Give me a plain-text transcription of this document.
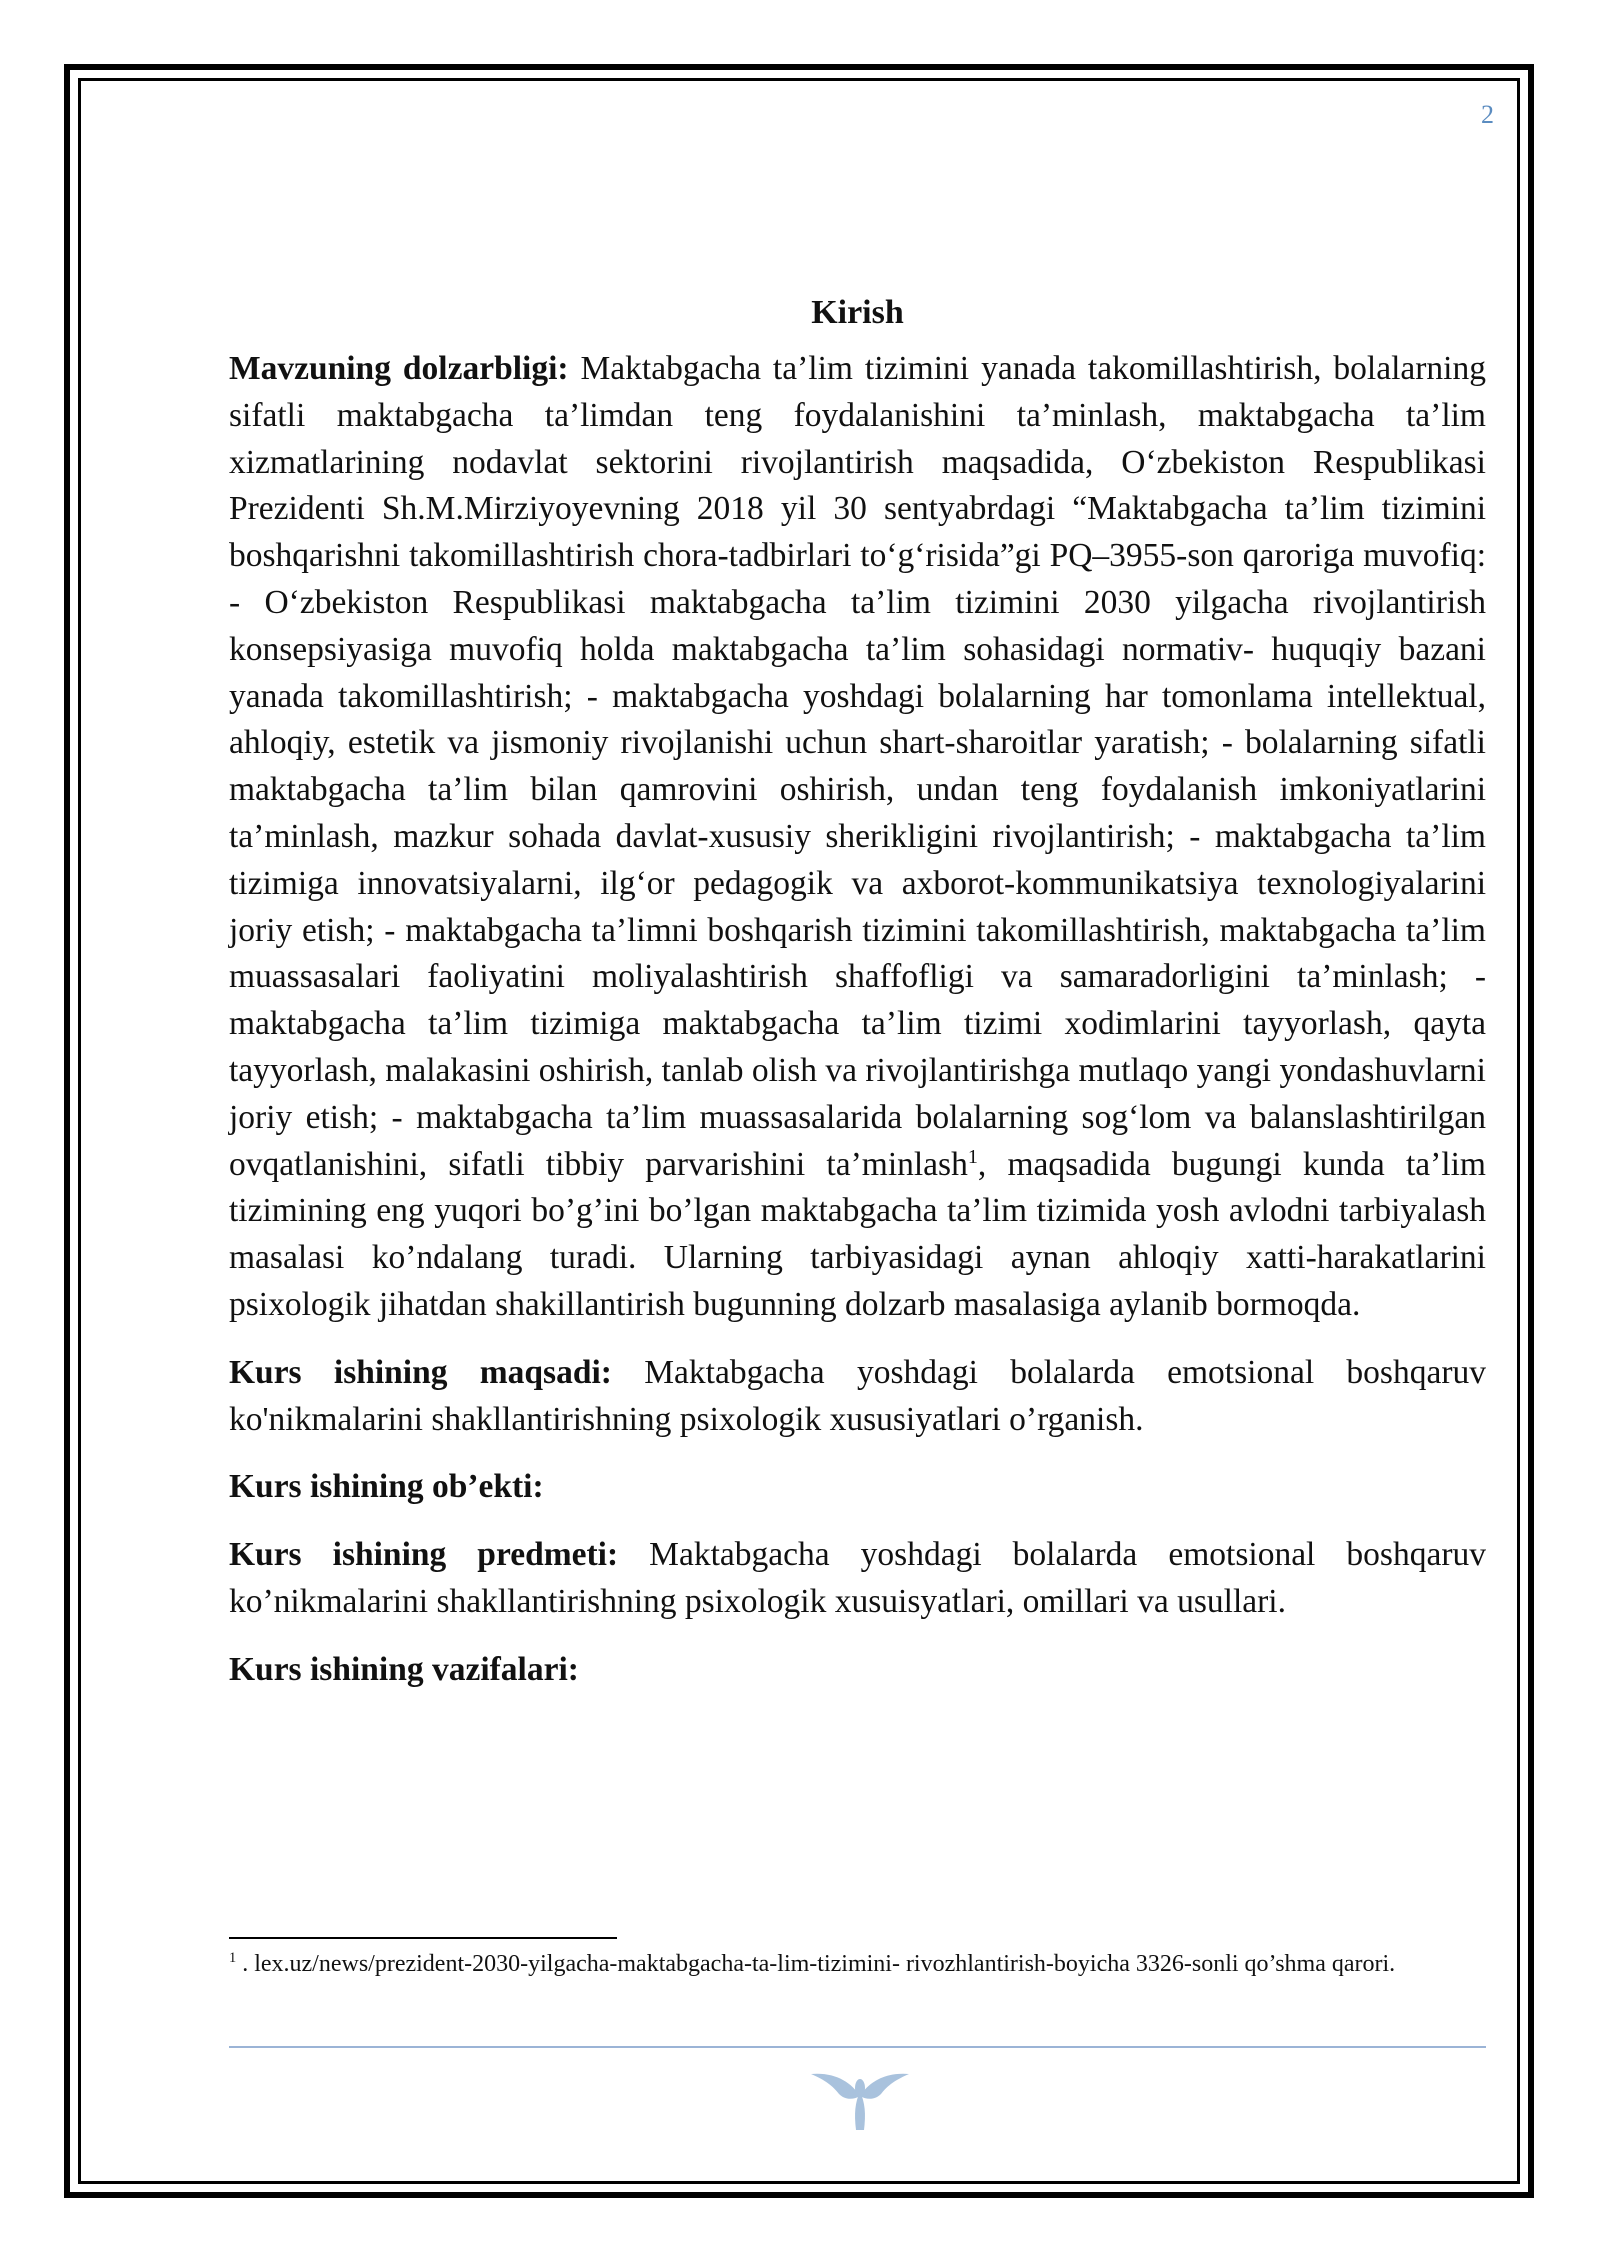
2
Kirish

Mavzuning dolzarbligi: Maktabgacha ta’lim tizimini yanada takomillashtirish, bolalarning sifatli maktabgacha ta’limdan teng foydalanishini ta’minlash, maktabgacha ta’lim xizmatlarining nodavlat sektorini rivojlantirish maqsadida, O‘zbekiston Respublikasi Prezidenti Sh.M.Mirziyoyevning 2018 yil 30 sentyabrdagi “Maktabgacha ta’lim tizimini boshqarishni takomillashtirish chora-tadbirlari to‘g‘risida”gi PQ–3955-son qaroriga muvofiq: - O‘zbekiston Respublikasi maktabgacha ta’lim tizimini 2030 yilgacha rivojlantirish konsepsiyasiga muvofiq holda maktabgacha ta’lim sohasidagi normativ- huquqiy bazani yanada takomillashtirish; - maktabgacha yoshdagi bolalarning har tomonlama intellektual, ahloqiy, estetik va jismoniy rivojlanishi uchun shart-sharoitlar yaratish; - bolalarning sifatli maktabgacha ta’lim bilan qamrovini oshirish, undan teng foydalanish imkoniyatlarini ta’minlash, mazkur sohada davlat-xususiy sherikligini rivojlantirish; - maktabgacha ta’lim tizimiga innovatsiyalarni, ilg‘or pedagogik va axborot-kommunikatsiya texnologiyalarini joriy etish; - maktabgacha ta’limni boshqarish tizimini takomillashtirish, maktabgacha ta’lim muassasalari faoliyatini moliyalashtirish shaffofligi va samaradorligini ta’minlash; - maktabgacha ta’lim tizimiga maktabgacha ta’lim tizimi xodimlarini tayyorlash, qayta tayyorlash, malakasini oshirish, tanlab olish va rivojlantirishga mutlaqo yangi yondashuvlarni joriy etish; - maktabgacha ta’lim muassasalarida bolalarning sog‘lom va balanslashtirilgan ovqatlanishini, sifatli tibbiy parvarishini ta’minlash$^1$, maqsadida bugungi kunda ta’lim tizimining eng yuqori bo’g’ini bo’lgan maktabgacha ta’lim tizimida yosh avlodni tarbiyalash masalasi ko’ndalang turadi. Ularning tarbiyasidagi aynan ahloqiy xatti-harakatlarini psixologik jihatdan shakillantirish bugunning dolzarb masalasiga aylanib bormoqda.

Kurs ishining maqsadi: Maktabgacha yoshdagi bolalarda emotsional boshqaruv ko'nikmalarini shakllantirishning psixologik xususiyatlari o’rganish.

Kurs ishining ob’ekti:

Kurs ishining predmeti: Maktabgacha yoshdagi bolalarda emotsional boshqaruv ko’nikmalarini shakllantirishning psixologik xusuisyatlari, omillari va usullari.

Kurs ishining vazifalari:

$^1$ . lex.uz/news/prezident-2030-yilgacha-maktabgacha-ta-lim-tizimini- rivozhlantirish-boyicha 3326-sonli qo’shma qarori.
